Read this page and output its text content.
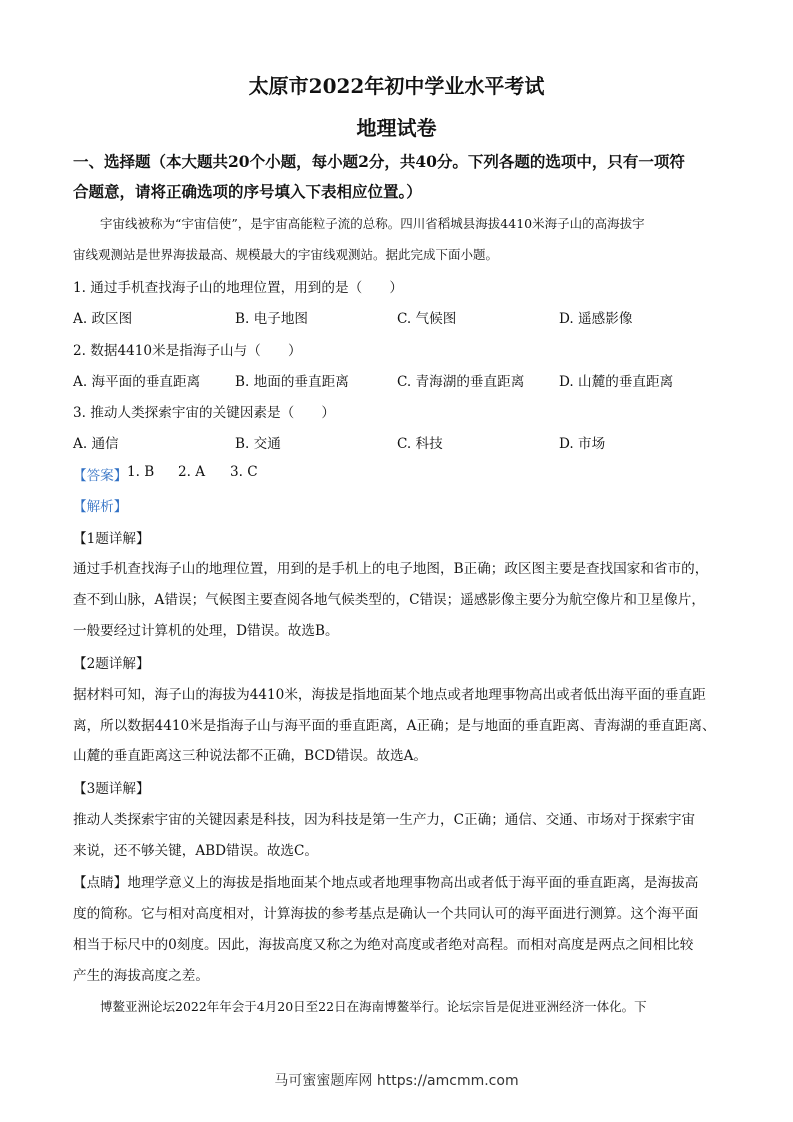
太原市2022年初中学业水平考试
地理试卷
一、选择题（本大题共20个小题，每小题2分，共40分。下列各题的选项中，只有一项符
合题意，请将正确选项的序号填入下表相应位置。）
宇宙线被称为“宇宙信使”，是宇宙高能粒子流的总称。四川省稻城县海拔4410米海子山的高海拔宇
宙线观测站是世界海拔最高、规模最大的宇宙线观测站。据此完成下面小题。
1. 通过手机查找海子山的地理位置，用到的是（　　）
A. 政区图	B. 电子地图	C. 气候图	D. 遥感影像
2. 数据4410米是指海子山与（　　）
A. 海平面的垂直距离	B. 地面的垂直距离	C. 青海湖的垂直距离	D. 山麓的垂直距离
3. 推动人类探索宇宙的关键因素是（　　）
A. 通信	B. 交通	C. 科技	D. 市场
【答案】 1. B 2. A 3. C
【解析】
【1题详解】
通过手机查找海子山的地理位置，用到的是手机上的电子地图，B正确；政区图主要是查找国家和省市的，
查不到山脉，A错误；气候图主要查阅各地气候类型的，C错误；遥感影像主要分为航空像片和卫星像片，
一般要经过计算机的处理，D错误。故选B。
【2题详解】
据材料可知，海子山的海拔为4410米，海拔是指地面某个地点或者地理事物高出或者低出海平面的垂直距
离，所以数据4410米是指海子山与海平面的垂直距离，A正确；是与地面的垂直距离、青海湖的垂直距离、
山麓的垂直距离这三种说法都不正确，BCD错误。故选A。
【3题详解】
推动人类探索宇宙的关键因素是科技，因为科技是第一生产力，C正确；通信、交通、市场对于探索宇宙
来说，还不够关键，ABD错误。故选C。
【点睛】地理学意义上的海拔是指地面某个地点或者地理事物高出或者低于海平面的垂直距离，是海拔高
度的简称。它与相对高度相对，计算海拔的参考基点是确认一个共同认可的海平面进行测算。这个海平面
相当于标尺中的0刻度。因此，海拔高度又称之为绝对高度或者绝对高程。而相对高度是两点之间相比较
产生的海拔高度之差。
博鳌亚洲论坛2022年年会于4月20日至22日在海南博鳌举行。论坛宗旨是促进亚洲经济一体化。下
马可蜜蜜题库网 https://amcmm.com
